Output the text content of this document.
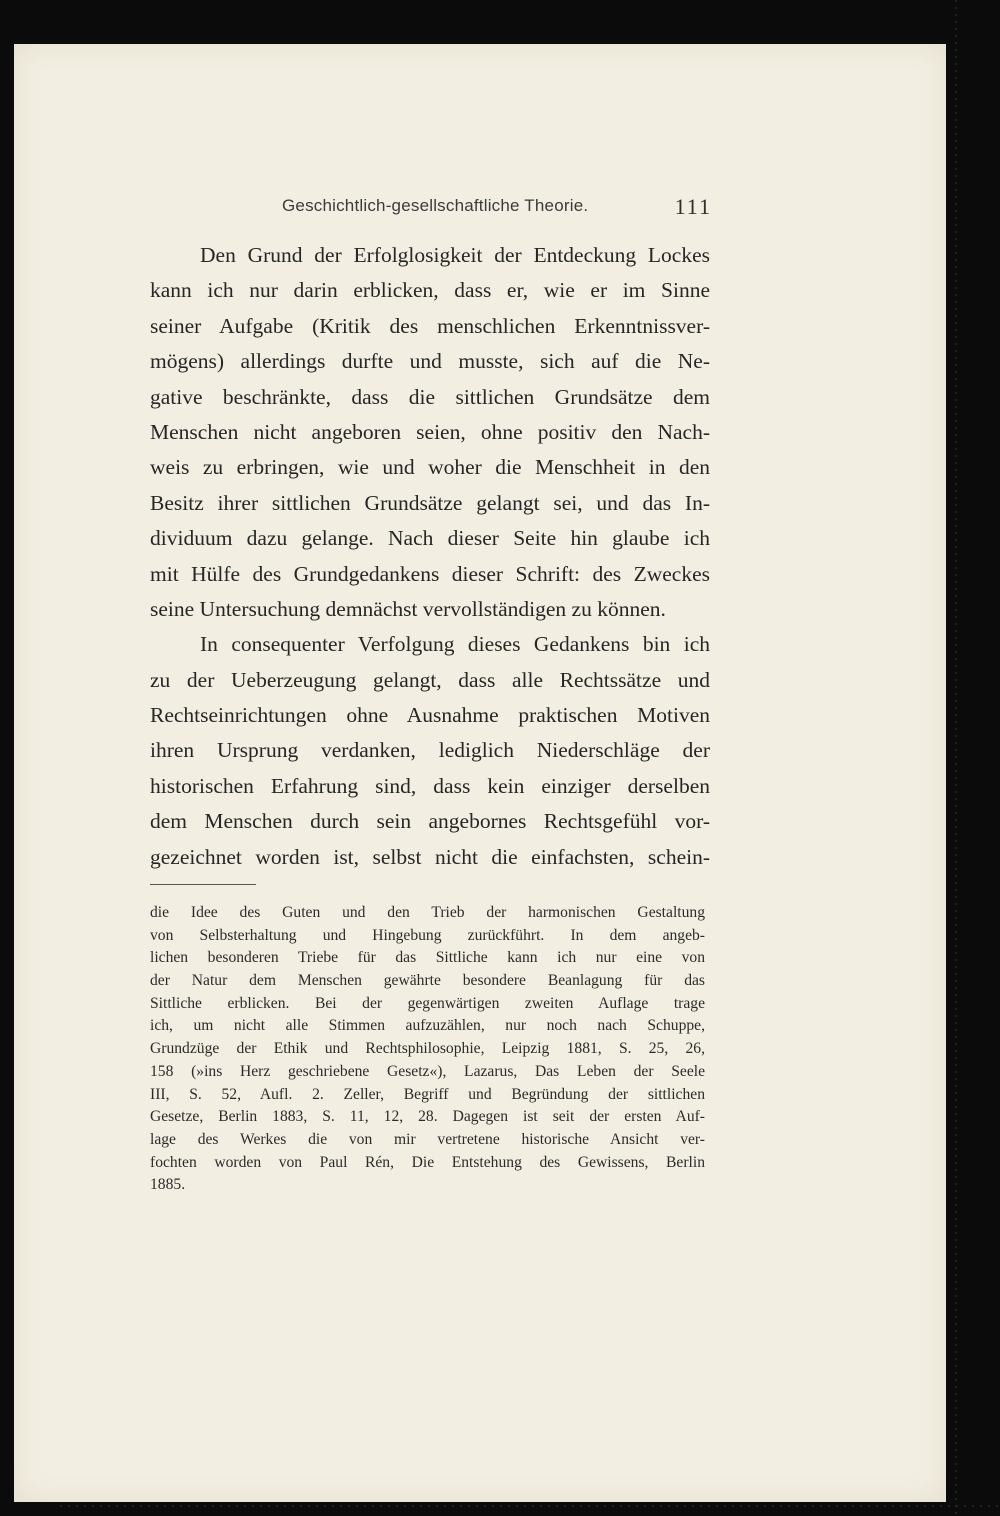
Geschichtlich-gesellschaftliche Theorie.	111
Den Grund der Erfolglosigkeit der Entdeckung Lockes
kann ich nur darin erblicken, dass er, wie er im Sinne
seiner Aufgabe (Kritik des menschlichen Erkenntnissver-
mögens) allerdings durfte und musste, sich auf die Ne-
gative beschränkte, dass die sittlichen Grundsätze dem
Menschen nicht angeboren seien, ohne positiv den Nach-
weis zu erbringen, wie und woher die Menschheit in den
Besitz ihrer sittlichen Grundsätze gelangt sei, und das In-
dividuum dazu gelange. Nach dieser Seite hin glaube ich
mit Hülfe des Grundgedankens dieser Schrift: des Zweckes
seine Untersuchung demnächst vervollständigen zu können.
In consequenter Verfolgung dieses Gedankens bin ich
zu der Ueberzeugung gelangt, dass alle Rechtssätze und
Rechtseinrichtungen ohne Ausnahme praktischen Motiven
ihren Ursprung verdanken, lediglich Niederschläge der
historischen Erfahrung sind, dass kein einziger derselben
dem Menschen durch sein angebornes Rechtsgefühl vor-
gezeichnet worden ist, selbst nicht die einfachsten, schein-
die Idee des Guten und den Trieb der harmonischen Gestaltung
von Selbsterhaltung und Hingebung zurückführt. In dem angeb-
lichen besonderen Triebe für das Sittliche kann ich nur eine von
der Natur dem Menschen gewährte besondere Beanlagung für das
Sittliche erblicken. Bei der gegenwärtigen zweiten Auflage trage
ich, um nicht alle Stimmen aufzuzählen, nur noch nach Schuppe,
Grundzüge der Ethik und Rechtsphilosophie, Leipzig 1881, S. 25, 26,
158 (»ins Herz geschriebene Gesetz«), Lazarus, Das Leben der Seele
III, S. 52, Aufl. 2. Zeller, Begriff und Begründung der sittlichen
Gesetze, Berlin 1883, S. 11, 12, 28. Dagegen ist seit der ersten Auf-
lage des Werkes die von mir vertretene historische Ansicht ver-
fochten worden von Paul Rén, Die Entstehung des Gewissens, Berlin
1885.
